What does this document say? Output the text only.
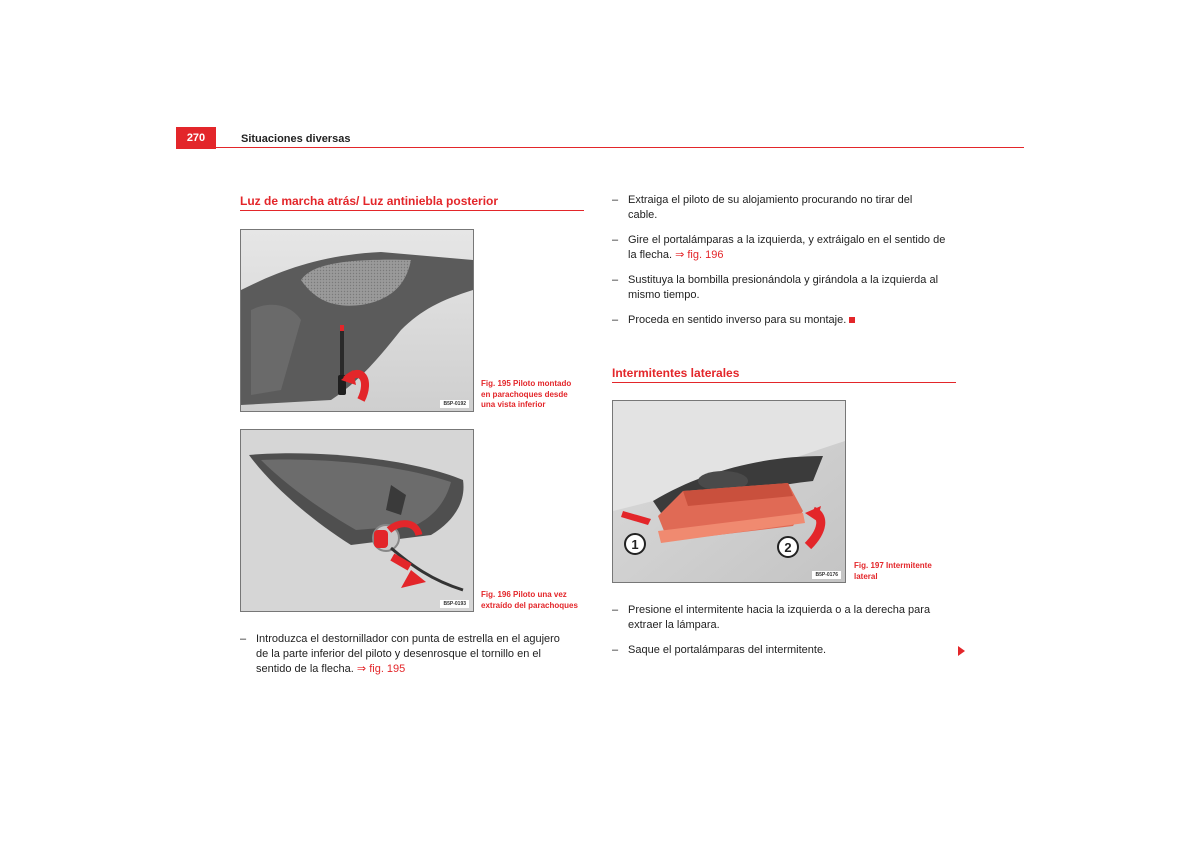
270	Situaciones diversas
Luz de marcha atrás/ Luz antiniebla posterior
B5P-0192
Fig. 195 Piloto montado
en parachoques desde
una vista inferior
B5P-0193
Fig. 196 Piloto una vez
extraído del parachoques
– Introduzca el destornillador con punta de estrella en el agujero
de la parte inferior del piloto y desenrosque el tornillo en el
sentido de la flecha. ⇒ fig. 195
– Extraiga el piloto de su alojamiento procurando no tirar del
cable.
– Gire el portalámparas a la izquierda, y extráigalo en el sentido de
la flecha. ⇒ fig. 196
– Sustituya la bombilla presionándola y girándola a la izquierda al
mismo tiempo.
– Proceda en sentido inverso para su montaje.
Intermitentes laterales
1	2
B5P-0176
Fig. 197 Intermitente
lateral
– Presione el intermitente hacia la izquierda o a la derecha para
extraer la lámpara.
– Saque el portalámparas del intermitente.
